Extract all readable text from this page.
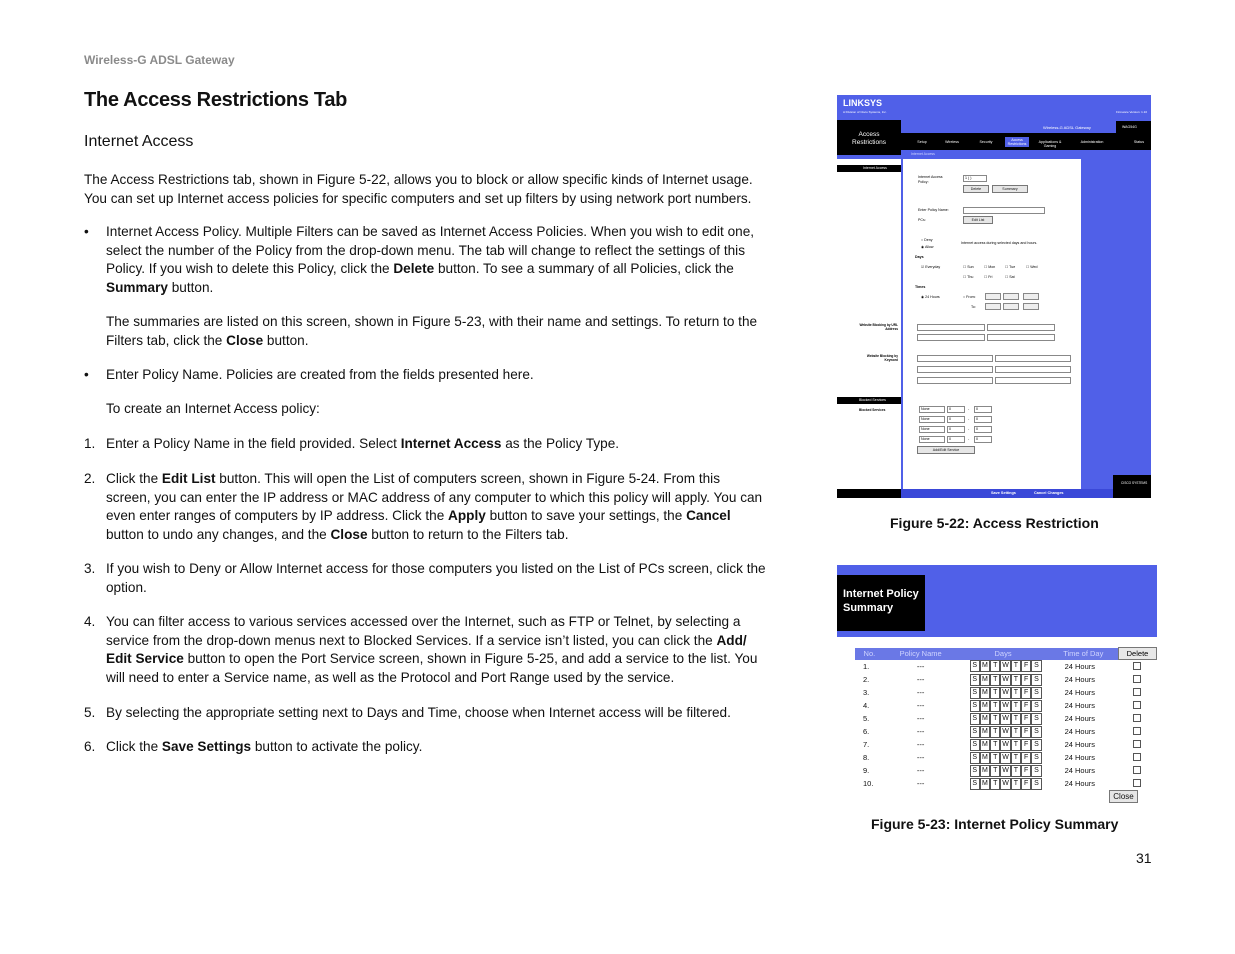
Wireless-G ADSL Gateway
The Access Restrictions Tab
Internet Access
The Access Restrictions tab, shown in Figure 5-22, allows you to block or allow specific kinds of Internet usage.
You can set up Internet access policies for specific computers and set up filters by using network port numbers.
•	Internet Access Policy. Multiple Filters can be saved as Internet Access Policies. When you wish to edit one,
select the number of the Policy from the drop-down menu. The tab will change to reflect the settings of this
Policy. If you wish to delete this Policy, click the Delete button. To see a summary of all Policies, click the
Summary button.
The summaries are listed on this screen, shown in Figure 5-23, with their name and settings. To return to the
Filters tab, click the Close button.
•	Enter Policy Name. Policies are created from the fields presented here.
To create an Internet Access policy:
1. Enter a Policy Name in the field provided. Select Internet Access as the Policy Type.
2. Click the Edit List button. This will open the List of computers screen, shown in Figure 5-24. From this
screen, you can enter the IP address or MAC address of any computer to which this policy will apply. You can
even enter ranges of computers by IP address. Click the Apply button to save your settings, the Cancel
button to undo any changes, and the Close button to return to the Filters tab.
3. If you wish to Deny or Allow Internet access for those computers you listed on the List of PCs screen, click the
option.
4. You can filter access to various services accessed over the Internet, such as FTP or Telnet, by selecting a
service from the drop-down menus next to Blocked Services. If a service isn’t listed, you can click the Add/
Edit Service button to open the Port Service screen, shown in Figure 5-25, and add a service to the list. You
will need to enter a Service name, as well as the Protocol and Port Range used by the service.
5. By selecting the appropriate setting next to Days and Time, choose when Internet access will be filtered.
6. Click the Save Settings button to activate the policy.
LINKSYS
A Division of Cisco Systems, Inc.	Firmware Version: 1.10
Access Restrictions
Wireless-G ADSL Gateway	WAG54G
Internet Access
Internet Access
Website Blocking by URL Address
Website Blocking by Keyword
Blocked Services
Blocked Services
Internet Access Policy:
1 ( )
Delete	Summary
Enter Policy Name:
PCs:	Edit List
○ Deny
◉ Allow
Internet access during selected days and hours.
Days
☑ Everyday
Times
◉ 24 Hours	○ From:
To:
Add/Edit Service
Save Settings	Cancel Changes
CISCO SYSTEMS
Setup	Wireless	Security	Access Restrictions	Applications & Gaming
Administration	Status
☐ Sun	☐ Mon	☐ Tue	☐ Wed
☐ Thu	☐ Fri	☐ Sat
None	0	0
-
None	0	0
-
None	0	0
-
None	0	0
-
Figure 5-22: Access Restriction
Internet Policy
Summary
No.	Policy Name	Days	Time of Day	Delete
1.	---	S M T W T F S	24 Hours	
2.	---	S M T W T F S	24 Hours	
3.	---	S M T W T F S	24 Hours	
4.	---	S M T W T F S	24 Hours	
5.	---	S M T W T F S	24 Hours	
6.	---	S M T W T F S	24 Hours	
7.	---	S M T W T F S	24 Hours	
8.	---	S M T W T F S	24 Hours	
9.	---	S M T W T F S	24 Hours	
10.	---	S M T W T F S	24 Hours	
Close
Figure 5-23: Internet Policy Summary
31
